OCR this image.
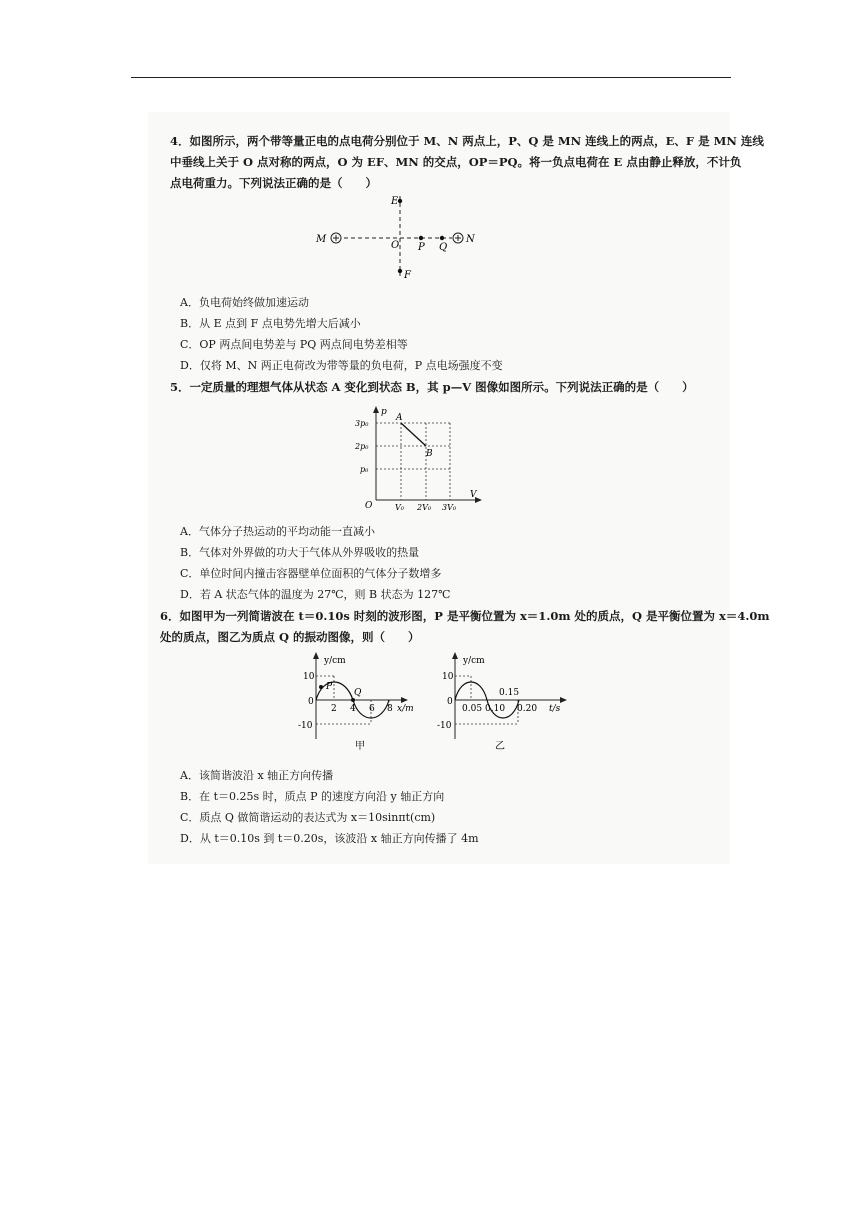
4．如图所示，两个带等量正电的点电荷分别位于 M、N 两点上，P、Q 是 MN 连线上的两点，E、F 是 MN 连线
中垂线上关于 O 点对称的两点，O 为 EF、MN 的交点，OP＝PQ。将一负点电荷在 E 点由静止释放，不计负
点电荷重力。下列说法正确的是（　　）
M	N
O P Q
E
F
A．负电荷始终做加速运动
B．从 E 点到 F 点电势先增大后减小
C．OP 两点间电势差与 PQ 两点间电势差相等
D．仅将 M、N 两正电荷改为带等量的负电荷，P 点电场强度不变
5．一定质量的理想气体从状态 A 变化到状态 B，其 p—V 图像如图所示。下列说法正确的是（　　）
p
V
O
3p₀
2p₀
p₀
V₀ 2V₀ 3V₀
A
B
A．气体分子热运动的平均动能一直减小
B．气体对外界做的功大于气体从外界吸收的热量
C．单位时间内撞击容器壁单位面积的气体分子数增多
D．若 A 状态气体的温度为 27℃，则 B 状态为 127℃
6．如图甲为一列简谐波在 t＝0.10s 时刻的波形图，P 是平衡位置为 x＝1.0m 处的质点，Q 是平衡位置为 x＝4.0m
处的质点，图乙为质点 Q 的振动图像，则（　　）
y/cm
10
0
-10
2 4 6 8 x/m
P
Q
甲
y/cm
10
0
-10
0.05 0.10
0.15
0.20 t/s
乙
A．该简谐波沿 x 轴正方向传播
B．在 t＝0.25s 时，质点 P 的速度方向沿 y 轴正方向
C．质点 Q 做简谐运动的表达式为 x＝10sinπt(cm)
D．从 t＝0.10s 到 t＝0.20s，该波沿 x 轴正方向传播了 4m
